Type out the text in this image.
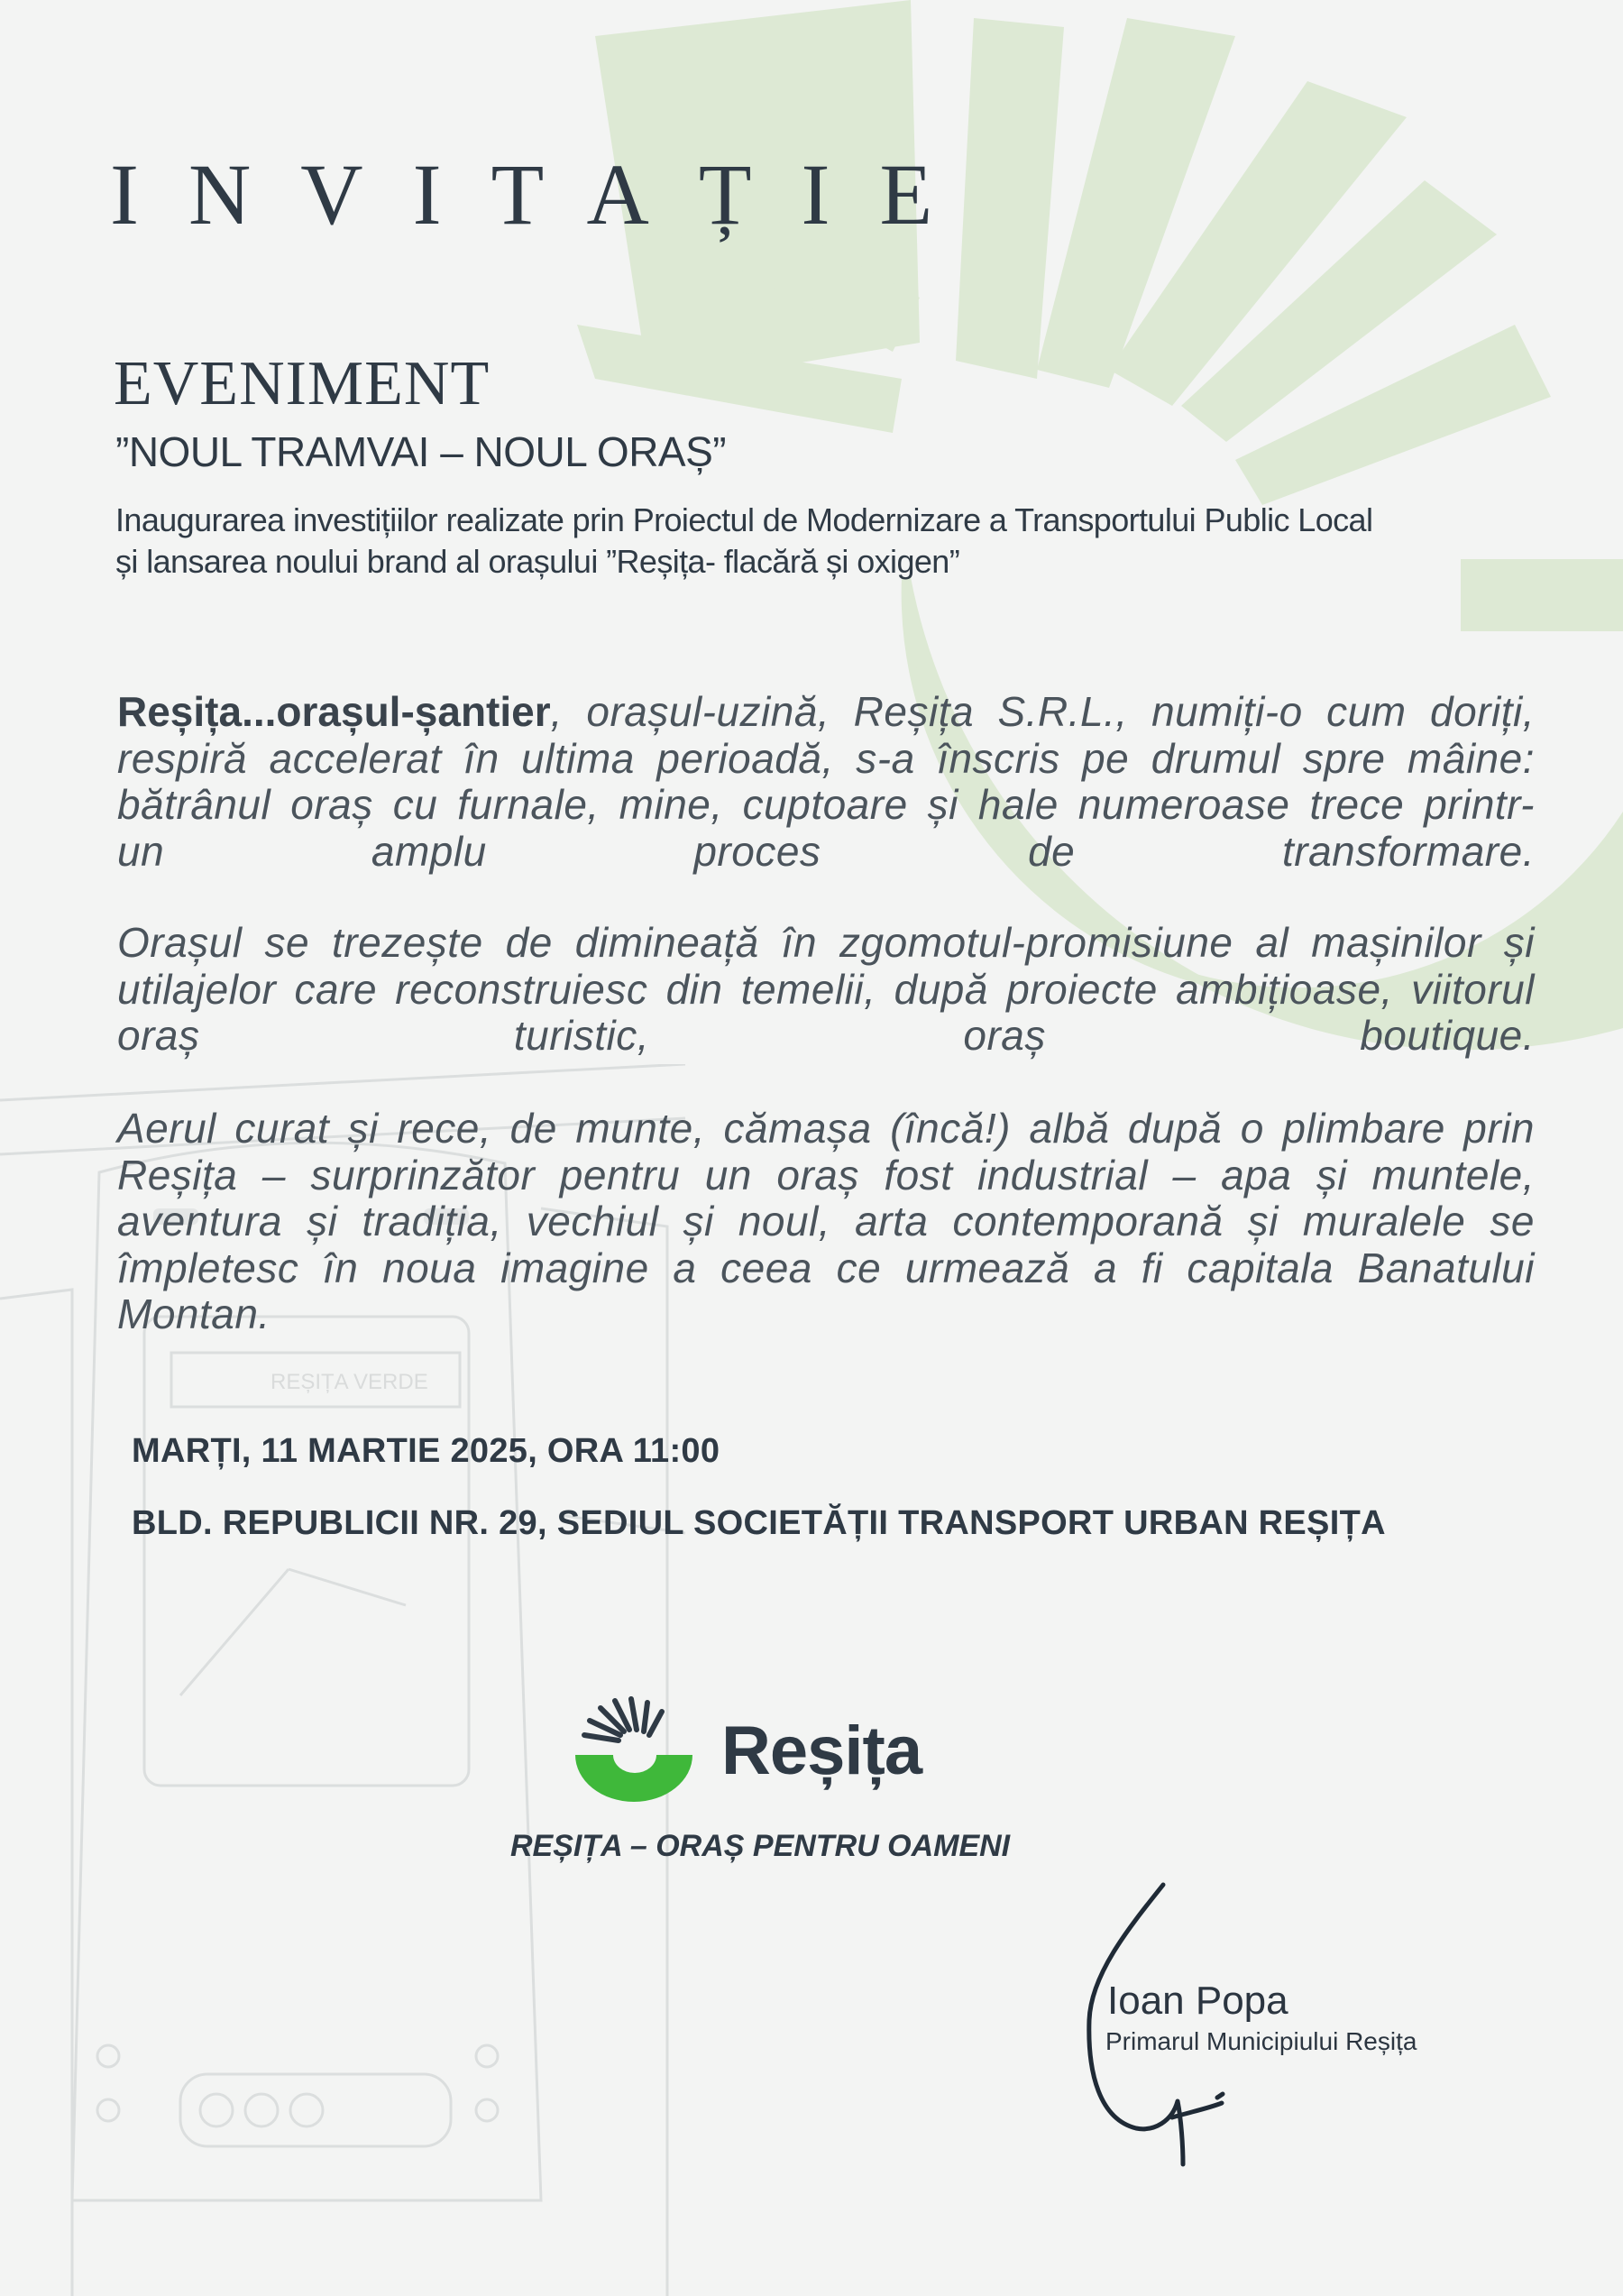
REȘIȚA VERDE
INVITAȚIE
EVENIMENT
”NOUL TRAMVAI – NOUL ORAȘ”
Inaugurarea investițiilor realizate prin Proiectul de Modernizare a Transportului Public Local
și lansarea noului brand al orașului ”Reșița- flacără și oxigen”
Reșița...orașul-șantier, orașul-uzină, Reșița S.R.L., numiți-o cum doriți, respiră accelerat în ultima perioadă, s-a înscris pe drumul spre mâine: bătrânul oraș cu furnale, mine, cuptoare și hale numeroase trece printr-un amplu proces de transformare.
Orașul se trezește de dimineață în zgomotul-promisiune al mașinilor și utilajelor care reconstruiesc din temelii, după proiecte ambițioase, viitorul oraș turistic, oraș boutique.
Aerul curat și rece, de munte, cămașa (încă!) albă după o plimbare prin Reșița – surprinzător pentru un oraș fost industrial – apa și muntele, aventura și tradiția, vechiul și noul, arta contemporană și muralele se împletesc în noua imagine a ceea ce urmează a fi capitala Banatului Montan.
MARȚI, 11 MARTIE 2025, ORA 11:00
BLD. REPUBLICII NR. 29, SEDIUL SOCIETĂȚII TRANSPORT URBAN REȘIȚA
Reșița
REȘIȚA – ORAȘ PENTRU OAMENI
Ioan Popa
Primarul Municipiului Reșița
